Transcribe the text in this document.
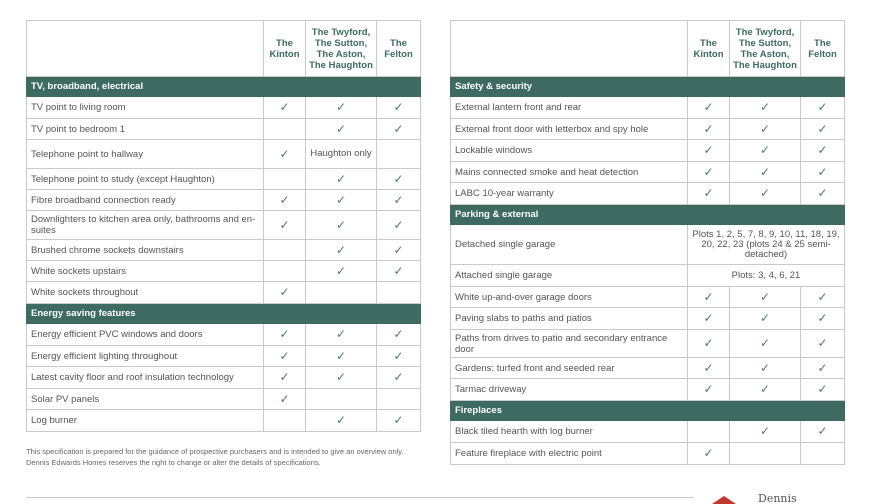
	The Kinton	The Twyford, The Sutton, The Aston, The Haughton	The Felton
TV, broadband, electrical			
TV point to living room	✓	✓	✓
TV point to bedroom 1		✓	✓
Telephone point to hallway	✓	Haughton only	
Telephone point to study (except Haughton)		✓	✓
Fibre broadband connection ready	✓	✓	✓
Downlighters to kitchen area only, bathrooms and en-suites	✓	✓	✓
Brushed chrome sockets downstairs		✓	✓
White sockets upstairs		✓	✓
White sockets throughout	✓		
Energy saving features			
Energy efficient PVC windows and doors	✓	✓	✓
Energy efficient lighting throughout	✓	✓	✓
Latest cavity floor and roof insulation technology	✓	✓	✓
Solar PV panels	✓		
Log burner		✓	✓
	The Kinton	The Twyford, The Sutton, The Aston, The Haughton	The Felton
Safety & security			
External lantern front and rear	✓	✓	✓
External front door with letterbox and spy hole	✓	✓	✓
Lockable windows	✓	✓	✓
Mains connected smoke and heat detection	✓	✓	✓
LABC 10-year warranty	✓	✓	✓
Parking & external			
Detached single garage	Plots 1, 2, 5, 7, 8, 9, 10, 11, 18, 19, 20, 22, 23 (plots 24 & 25 semi-detached)		
Attached single garage	Plots: 3, 4, 6, 21		
White up-and-over garage doors	✓	✓	✓
Paving slabs to paths and patios	✓	✓	✓
Paths from drives to patio and secondary entrance door	✓	✓	✓
Gardens: turfed front and seeded rear	✓	✓	✓
Tarmac driveway	✓	✓	✓
Fireplaces			
Black tiled hearth with log burner		✓	✓
Feature fireplace with electric point	✓		
This specification is prepared for the guidance of prospective purchasers and is intended to give an overview only. Dennis Edwards Homes reserves the right to change or alter the details of specifications.
Dennis
